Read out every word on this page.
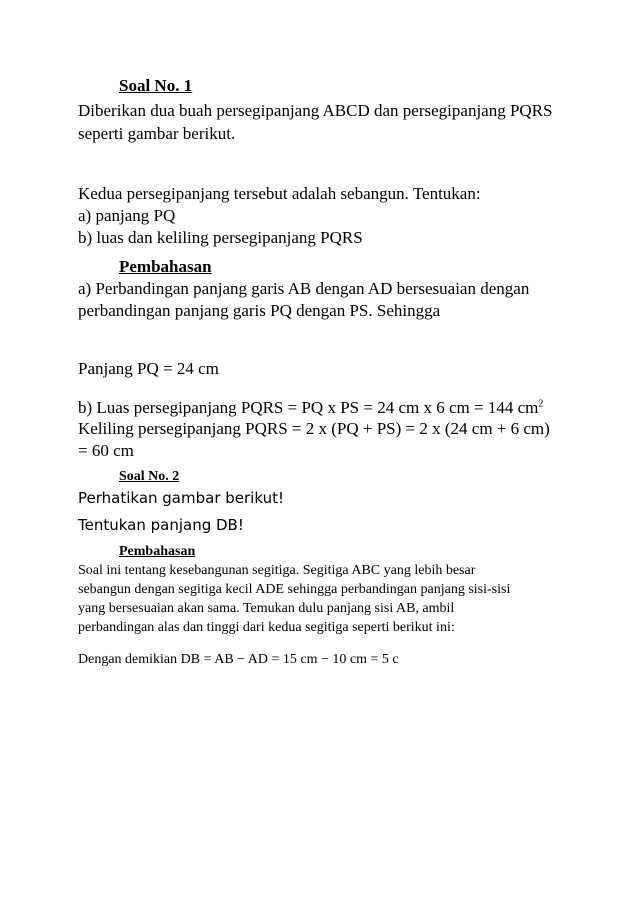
Soal No. 1
Diberikan dua buah persegipanjang ABCD dan persegipanjang PQRS
seperti gambar berikut.
Kedua persegipanjang tersebut adalah sebangun. Tentukan:
a) panjang PQ
b) luas dan keliling persegipanjang PQRS
Pembahasan
a) Perbandingan panjang garis AB dengan AD bersesuaian dengan
perbandingan panjang garis PQ dengan PS. Sehingga
Panjang PQ = 24 cm
b) Luas persegipanjang PQRS = PQ x PS = 24 cm x 6 cm = 144 $cm^2$
Keliling persegipanjang PQRS = 2 x (PQ + PS) = 2 x (24 cm + 6 cm)
= 60 cm
Soal No. 2
Perhatikan gambar berikut!
Tentukan panjang DB!
Pembahasan
Soal ini tentang kesebangunan segitiga. Segitiga ABC yang lebih besar
sebangun dengan segitiga kecil ADE sehingga perbandingan panjang sisi-sisi
yang bersesuaian akan sama. Temukan dulu panjang sisi AB, ambil
perbandingan alas dan tinggi dari kedua segitiga seperti berikut ini:
Dengan demikian DB = AB − AD = 15 cm − 10 cm = 5 c
